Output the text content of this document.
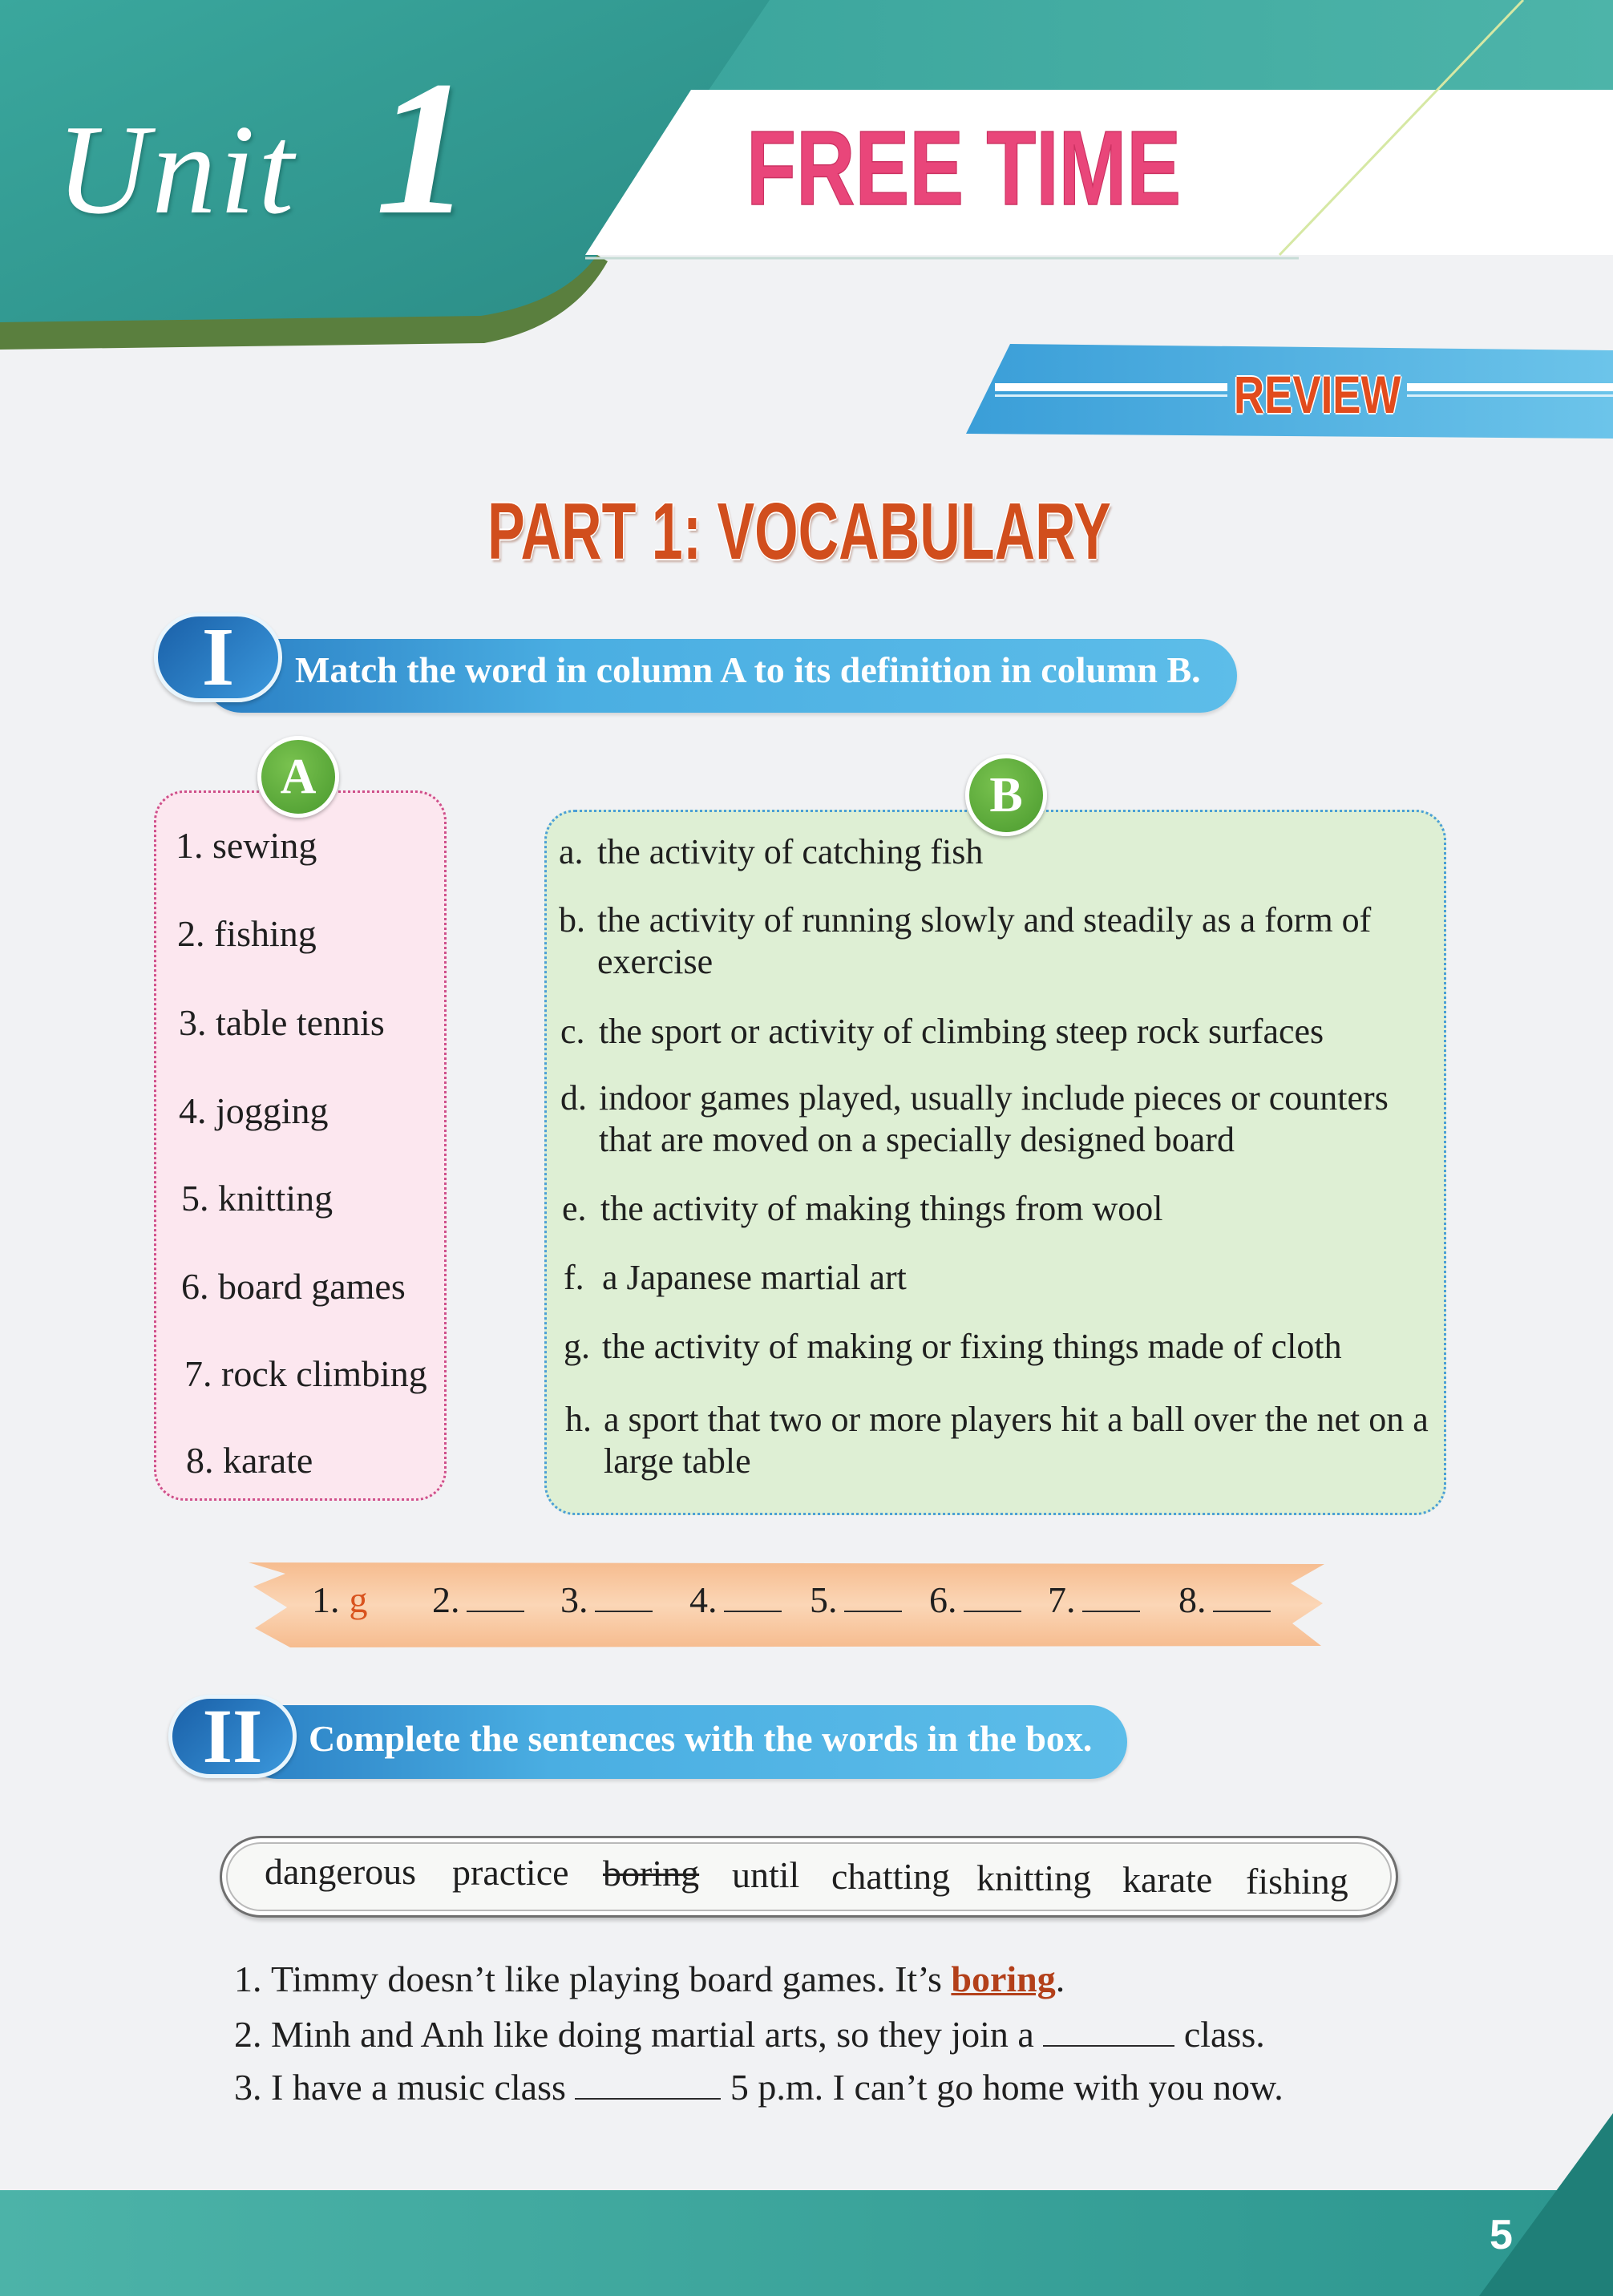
Unit 1	FREE TIME
REVIEW
PART 1: VOCABULARY
I	Match the word in column A to its definition in column B.
A
1. sewing
2. fishing
3. table tennis
4. jogging
5. knitting
6. board games
7. rock climbing
8. karate
B
a. the activity of catching fish
b. the activity of running slowly and steadily as a form of
exercise
c. the sport or activity of climbing steep rock surfaces
d. indoor games played, usually include pieces or counters
that are moved on a specially designed board
e. the activity of making things from wool
f. a Japanese martial art
g. the activity of making or fixing things made of cloth
h. a sport that two or more players hit a ball over the net on a
large table
1. g 2.	3.	4.	5.	6.	7.	8.
II	Complete the sentences with the words in the box.
dangerous practice boring until chatting knitting karate fishing
1. Timmy doesn’t like playing board games. It’s boring.
2. Minh and Anh like doing martial arts, so they join a	class.
3. I have a music class	5 p.m. I can’t go home with you now.
5
